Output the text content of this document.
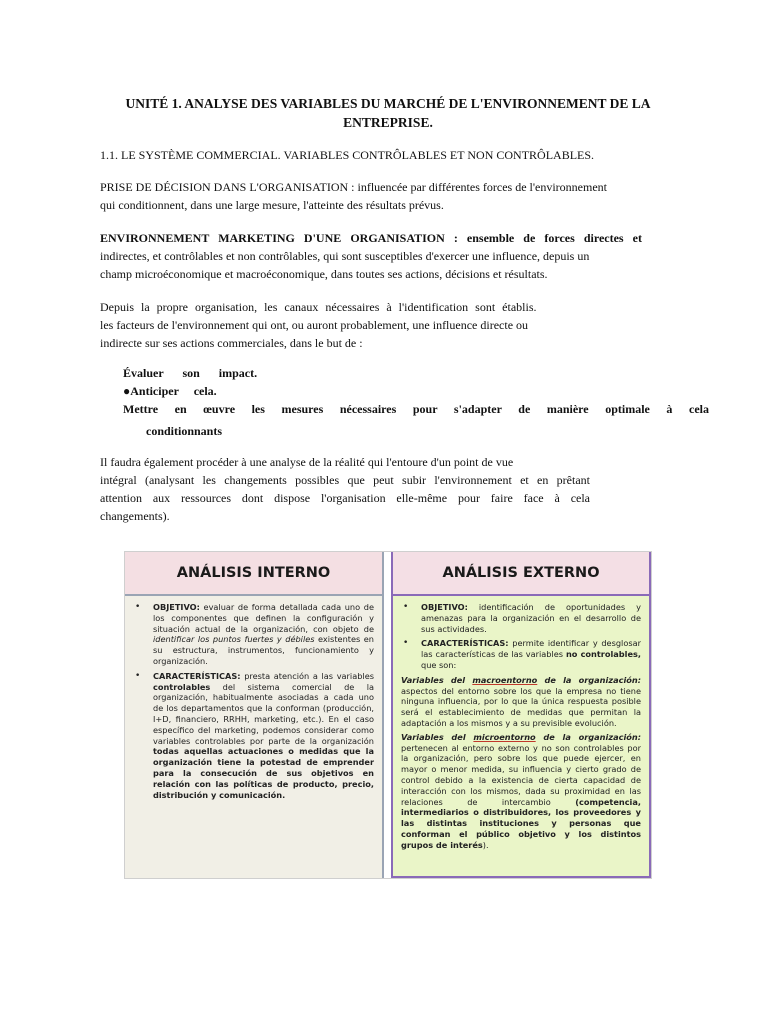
UNITÉ 1. ANALYSE DES VARIABLES DU MARCHÉ DE L'ENVIRONNEMENT DE LA
ENTREPRISE.

1.1. LE SYSTÈME COMMERCIAL. VARIABLES CONTRÔLABLES ET NON CONTRÔLABLES.

PRISE DE DÉCISION DANS L'ORGANISATION : influencée par différentes forces de l'environnement
qui conditionnent, dans une large mesure, l'atteinte des résultats prévus.

ENVIRONNEMENT MARKETING D'UNE ORGANISATION : ensemble de forces directes et
indirectes, et contrôlables et non contrôlables, qui sont susceptibles d'exercer une influence, depuis un
champ microéconomique et macroéconomique, dans toutes ses actions, décisions et résultats.

Depuis la propre organisation, les canaux nécessaires à l'identification sont établis.
les facteurs de l'environnement qui ont, ou auront probablement, une influence directe ou
indirecte sur ses actions commerciales, dans le but de :

Évaluer son impact.
●Anticiper cela.
Mettre en œuvre les mesures nécessaires pour s'adapter de manière optimale à cela
conditionnants

Il faudra également procéder à une analyse de la réalité qui l'entoure d'un point de vue
intégral (analysant les changements possibles que peut subir l'environnement et en prêtant
attention aux ressources dont dispose l'organisation elle-même pour faire face à cela
changements).

ANÁLISIS INTERNO
• OBJETIVO: evaluar de forma detallada cada uno de los componentes que definen la configuración y situación actual de la organización, con objeto de identificar los puntos fuertes y débiles existentes en su estructura, instrumentos, funcionamiento y organización.
• CARACTERÍSTICAS: presta atención a las variables controlables del sistema comercial de la organización, habitualmente asociadas a cada uno de los departamentos que la conforman (producción, I+D, financiero, RRHH, marketing, etc.). En el caso específico del marketing, podemos considerar como variables controlables por parte de la organización todas aquellas actuaciones o medidas que la organización tiene la potestad de emprender para la consecución de sus objetivos en relación con las políticas de producto, precio, distribución y comunicación.
ANÁLISIS EXTERNO
• OBJETIVO: identificación de oportunidades y amenazas para la organización en el desarrollo de sus actividades.
• CARACTERÍSTICAS: permite identificar y desglosar las características de las variables no controlables, que son:
Variables del macroentorno de la organización: aspectos del entorno sobre los que la empresa no tiene ninguna influencia, por lo que la única respuesta posible será el establecimiento de medidas que permitan la adaptación a los mismos y a su previsible evolución.
Variables del microentorno de la organización: pertenecen al entorno externo y no son controlables por la organización, pero sobre los que puede ejercer, en mayor o menor medida, su influencia y cierto grado de control debido a la existencia de cierta capacidad de interacción con los mismos, dada su proximidad en las relaciones de intercambio (competencia, intermediarios o distribuidores, los proveedores y las distintas instituciones y personas que conforman el público objetivo y los distintos grupos de interés).
